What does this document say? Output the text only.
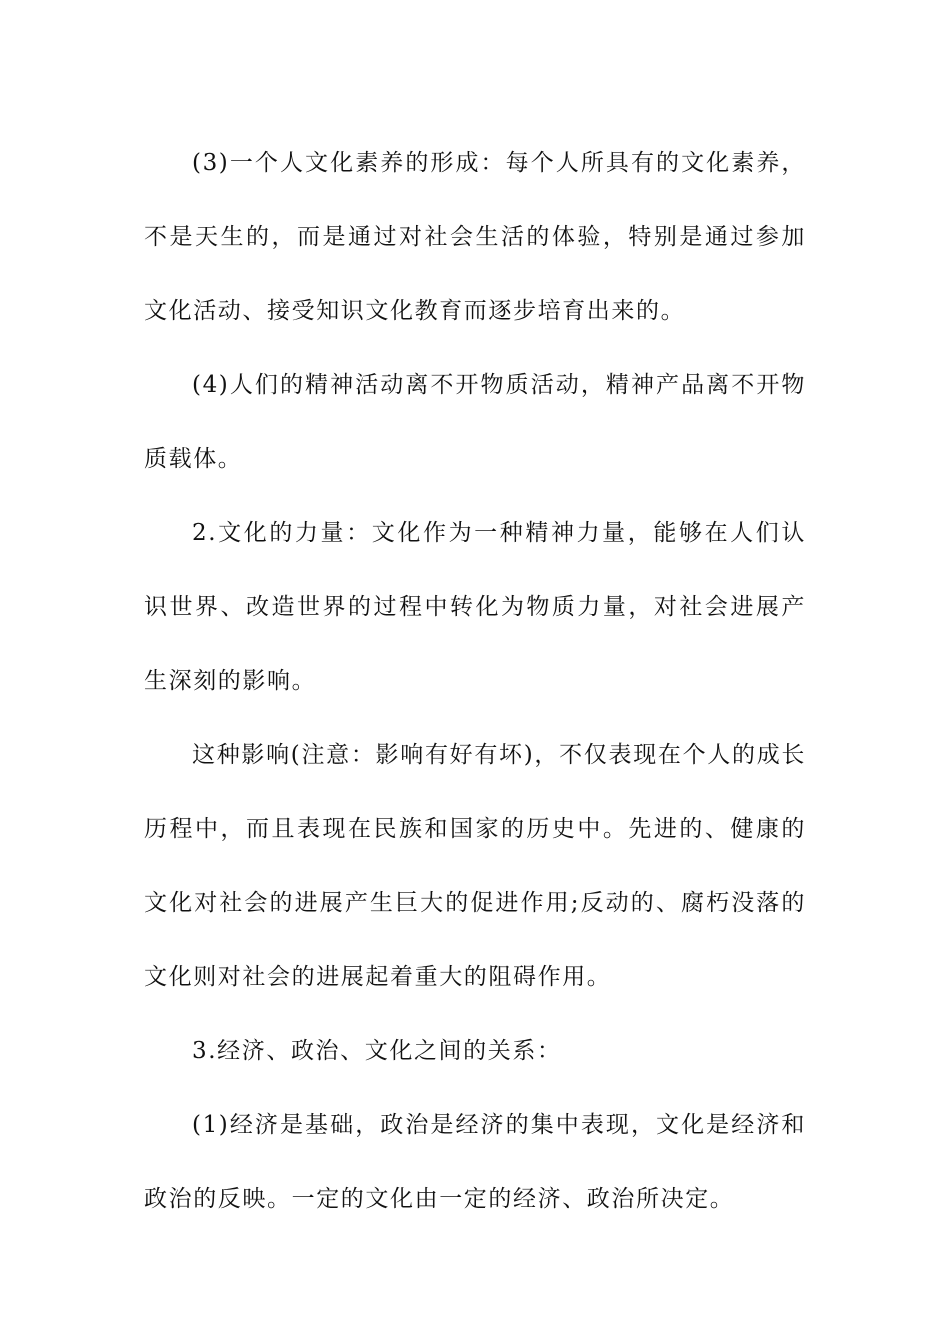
(3)一个人文化素养的形成：每个人所具有的文化素养，不是天生的，而是通过对社会生活的体验，特别是通过参加文化活动、接受知识文化教育而逐步培育出来的。

(4)人们的精神活动离不开物质活动，精神产品离不开物质载体。

2.文化的力量：文化作为一种精神力量，能够在人们认识世界、改造世界的过程中转化为物质力量，对社会进展产生深刻的影响。

这种影响(注意：影响有好有坏)，不仅表现在个人的成长历程中，而且表现在民族和国家的历史中。先进的、健康的文化对社会的进展产生巨大的促进作用;反动的、腐朽没落的文化则对社会的进展起着重大的阻碍作用。

3.经济、政治、文化之间的关系：

(1)经济是基础，政治是经济的集中表现，文化是经济和政治的反映。一定的文化由一定的经济、政治所决定。
